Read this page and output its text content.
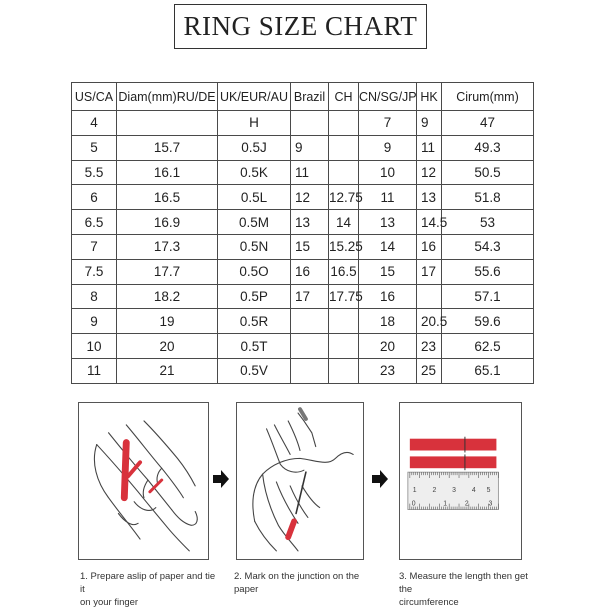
RING SIZE CHART
US/CA	Diam(mm)RU/DE	UK/EUR/AU	Brazil	CH	CN/SG/JP	HK	Cirum(mm)
4		H			7	9	47
5	15.7	0.5J	9		9	11	49.3
5.5	16.1	0.5K	11		10	12	50.5
6	16.5	0.5L	12	12.75	11	13	51.8
6.5	16.9	0.5M	13	14	13	14.5	53
7	17.3	0.5N	15	15.25	14	16	54.3
7.5	17.7	0.5O	16	16.5	15	17	55.6
8	18.2	0.5P	17	17.75	16		57.1
9	19	0.5R			18	20.5	59.6
10	20	0.5T			20	23	62.5
11	21	0.5V			23	25	65.1
1 2 3 4 5
0	1	2	3
1. Prepare aslip of paper and tie it
on your finger
2. Mark on the junction on the paper
3. Measure the length then get the
circumference
